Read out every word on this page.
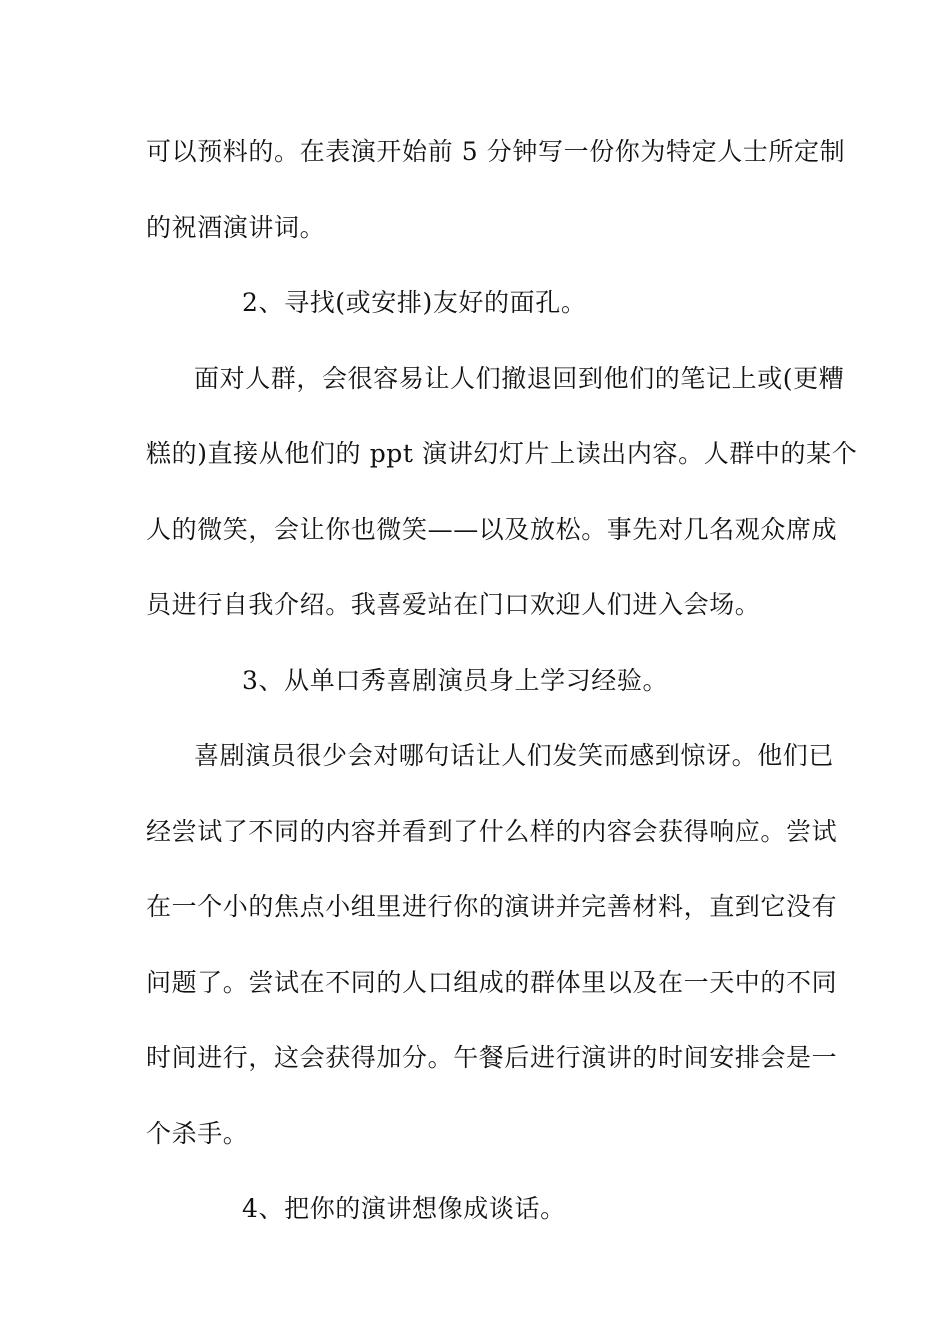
可以预料的。在表演开始前 5 分钟写一份你为特定人士所定制
的祝酒演讲词。
2、寻找(或安排)友好的面孔。
面对人群，会很容易让人们撤退回到他们的笔记上或(更糟
糕的)直接从他们的 ppt 演讲幻灯片上读出内容。人群中的某个
人的微笑，会让你也微笑——以及放松。事先对几名观众席成
员进行自我介绍。我喜爱站在门口欢迎人们进入会场。
3、从单口秀喜剧演员身上学习经验。
喜剧演员很少会对哪句话让人们发笑而感到惊讶。他们已
经尝试了不同的内容并看到了什么样的内容会获得响应。尝试
在一个小的焦点小组里进行你的演讲并完善材料，直到它没有
问题了。尝试在不同的人口组成的群体里以及在一天中的不同
时间进行，这会获得加分。午餐后进行演讲的时间安排会是一
个杀手。
4、把你的演讲想像成谈话。
